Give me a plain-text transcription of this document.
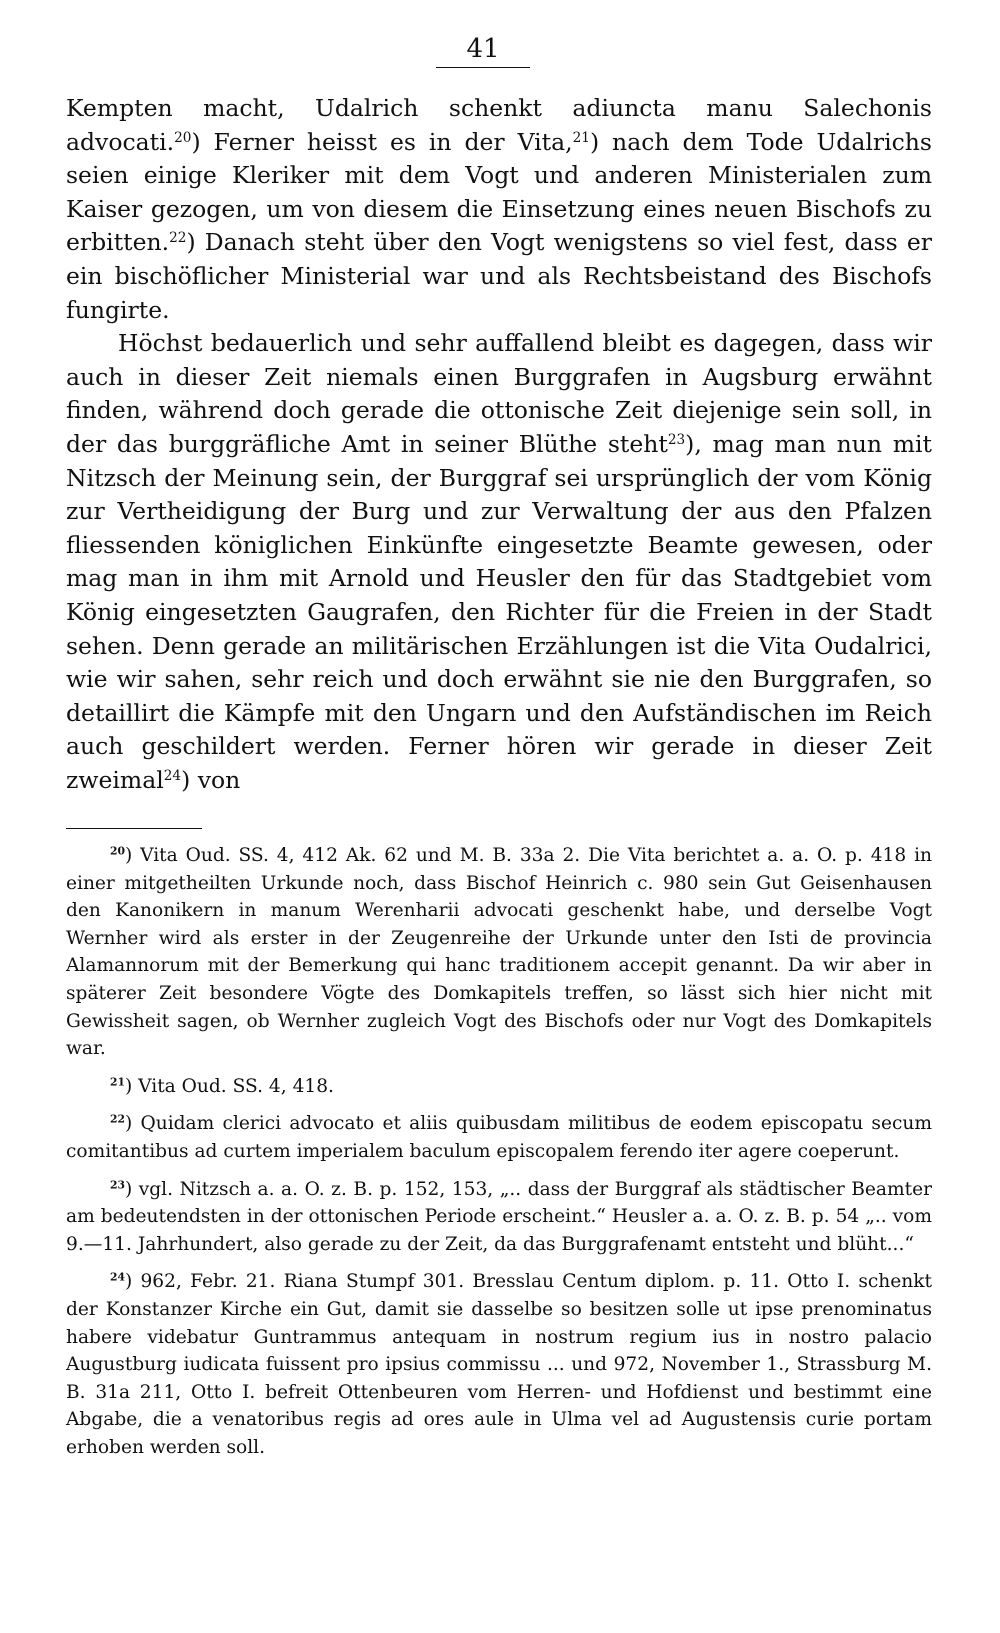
41

Kempten macht, Udalrich schenkt adiuncta manu Salechonis advocati.$^{20}$) Ferner heisst es in der Vita,$^{21}$) nach dem Tode Udalrichs seien einige Kleriker mit dem Vogt und anderen Ministerialen zum Kaiser gezogen, um von diesem die Einsetzung eines neuen Bischofs zu erbitten.$^{22}$) Danach steht über den Vogt wenigstens so viel fest, dass er ein bischöflicher Ministerial war und als Rechtsbeistand des Bischofs fungirte.

Höchst bedauerlich und sehr auffallend bleibt es dagegen, dass wir auch in dieser Zeit niemals einen Burggrafen in Augsburg erwähnt finden, während doch gerade die ottonische Zeit diejenige sein soll, in der das burggräfliche Amt in seiner Blüthe steht$^{23}$), mag man nun mit Nitzsch der Meinung sein, der Burggraf sei ursprünglich der vom König zur Vertheidigung der Burg und zur Verwaltung der aus den Pfalzen fliessenden königlichen Einkünfte eingesetzte Beamte gewesen, oder mag man in ihm mit Arnold und Heusler den für das Stadtgebiet vom König eingesetzten Gaugrafen, den Richter für die Freien in der Stadt sehen. Denn gerade an militärischen Erzählungen ist die Vita Oudalrici, wie wir sahen, sehr reich und doch erwähnt sie nie den Burggrafen, so detaillirt die Kämpfe mit den Ungarn und den Aufständischen im Reich auch geschildert werden. Ferner hören wir gerade in dieser Zeit zweimal$^{24}$) von

$^{20}$) Vita Oud. SS. 4, 412 Ak. 62 und M. B. 33a 2. Die Vita berichtet a. a. O. p. 418 in einer mitgetheilten Urkunde noch, dass Bischof Heinrich c. 980 sein Gut Geisenhausen den Kanonikern in manum Werenharii advocati geschenkt habe, und derselbe Vogt Wernher wird als erster in der Zeugenreihe der Urkunde unter den Isti de provincia Alamannorum mit der Bemerkung qui hanc traditionem accepit genannt. Da wir aber in späterer Zeit besondere Vögte des Domkapitels treffen, so lässt sich hier nicht mit Gewissheit sagen, ob Wernher zugleich Vogt des Bischofs oder nur Vogt des Domkapitels war.

$^{21}$) Vita Oud. SS. 4, 418.

$^{22}$) Quidam clerici advocato et aliis quibusdam militibus de eodem episcopatu secum comitantibus ad curtem imperialem baculum episcopalem ferendo iter agere coeperunt.

$^{23}$) vgl. Nitzsch a. a. O. z. B. p. 152, 153, „.. dass der Burggraf als städtischer Beamter am bedeutendsten in der ottonischen Periode erscheint.“ Heusler a. a. O. z. B. p. 54 „.. vom 9.—11. Jahrhundert, also gerade zu der Zeit, da das Burggrafenamt entsteht und blüht...“

$^{24}$) 962, Febr. 21. Riana Stumpf 301. Bresslau Centum diplom. p. 11. Otto I. schenkt der Konstanzer Kirche ein Gut, damit sie dasselbe so besitzen solle ut ipse prenominatus habere videbatur Guntrammus antequam in nostrum regium ius in nostro palacio Augustburg iudicata fuissent pro ipsius commissu ... und 972, November 1., Strassburg M. B. 31a 211, Otto I. befreit Ottenbeuren vom Herren- und Hofdienst und bestimmt eine Abgabe, die a venatoribus regis ad ores aule in Ulma vel ad Augustensis curie portam erhoben werden soll.
